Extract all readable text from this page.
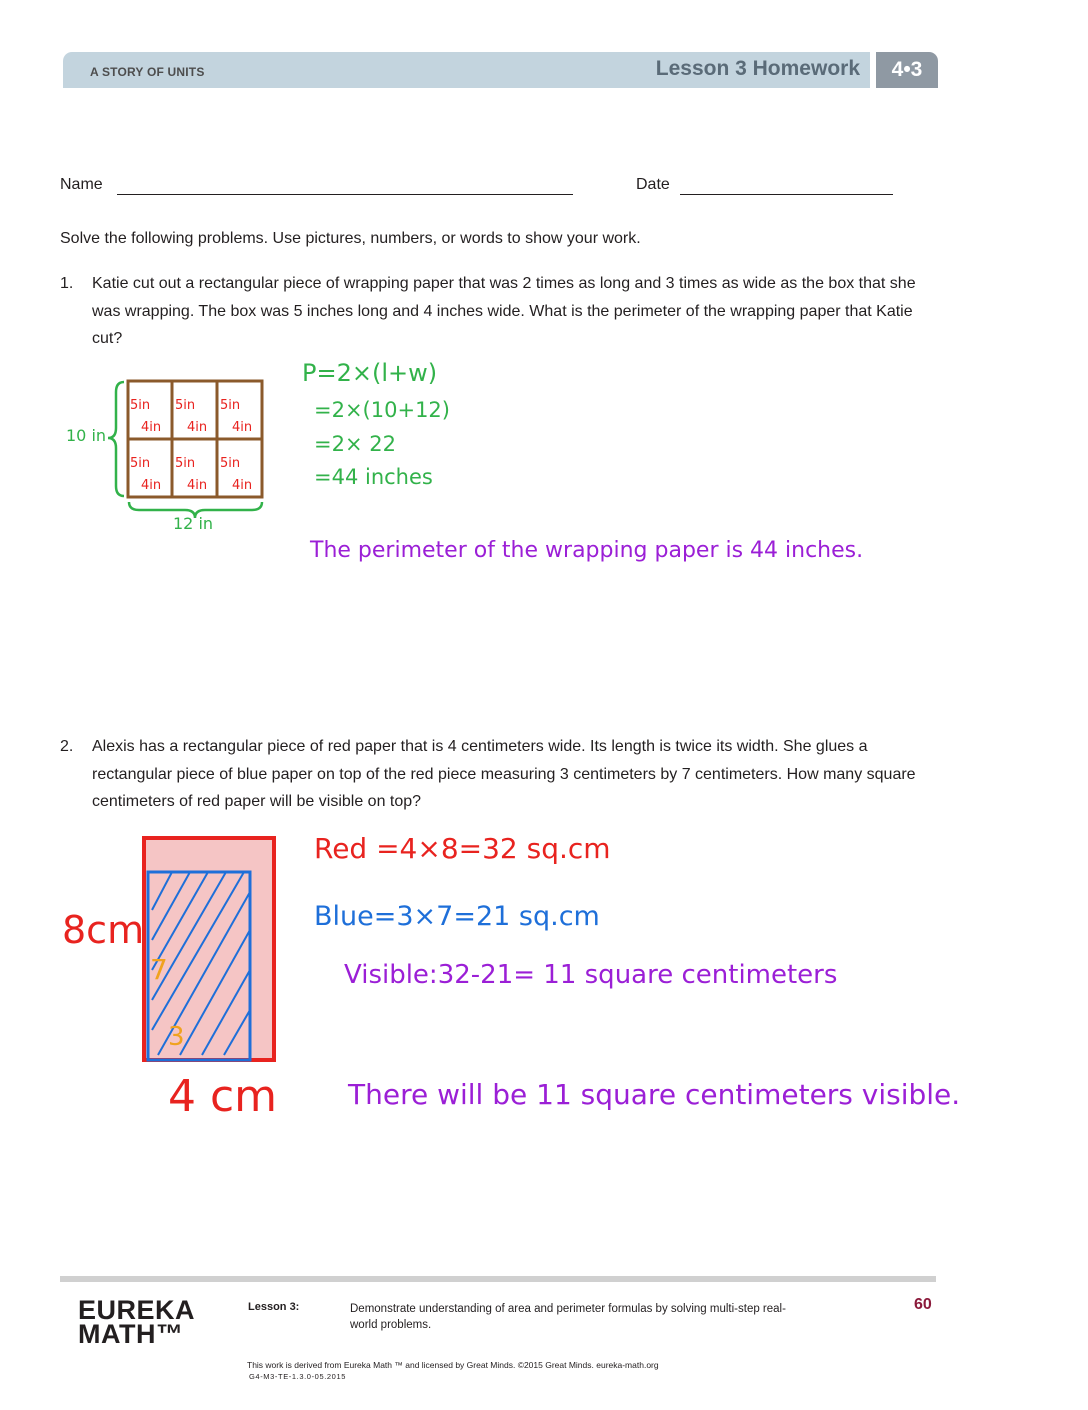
A STORY OF UNITS	Lesson 3 Homework	4•3
Name	Date
Solve the following problems. Use pictures, numbers, or words to show your work.
1. Katie cut out a rectangular piece of wrapping paper that was 2 times as long and 3 times as wide as the box that she was wrapping. The box was 5 inches long and 4 inches wide. What is the perimeter of the wrapping paper that Katie cut?
5in
4in
5in
4in
5in
4in
5in
4in
5in
4in
5in
4in
10 in
12 in
P=2×(l+w)
=2×(10+12)
=2× 22
=44 inches
The perimeter of the wrapping paper is 44 inches.
2. Alexis has a rectangular piece of red paper that is 4 centimeters wide. Its length is twice its width. She glues a rectangular piece of blue paper on top of the red piece measuring 3 centimeters by 7 centimeters. How many square centimeters of red paper will be visible on top?
8cm
4 cm
7
3
Red =4×8=32 sq.cm
Blue=3×7=21 sq.cm
Visible:32-21= 11 square centimeters
There will be 11 square centimeters visible.
EUREKA
MATH™
Lesson 3:	Demonstrate understanding of area and perimeter formulas by solving multi-step real-world problems.
60
This work is derived from Eureka Math ™ and licensed by Great Minds. ©2015 Great Minds. eureka-math.org
G4-M3-TE-1.3.0-05.2015
